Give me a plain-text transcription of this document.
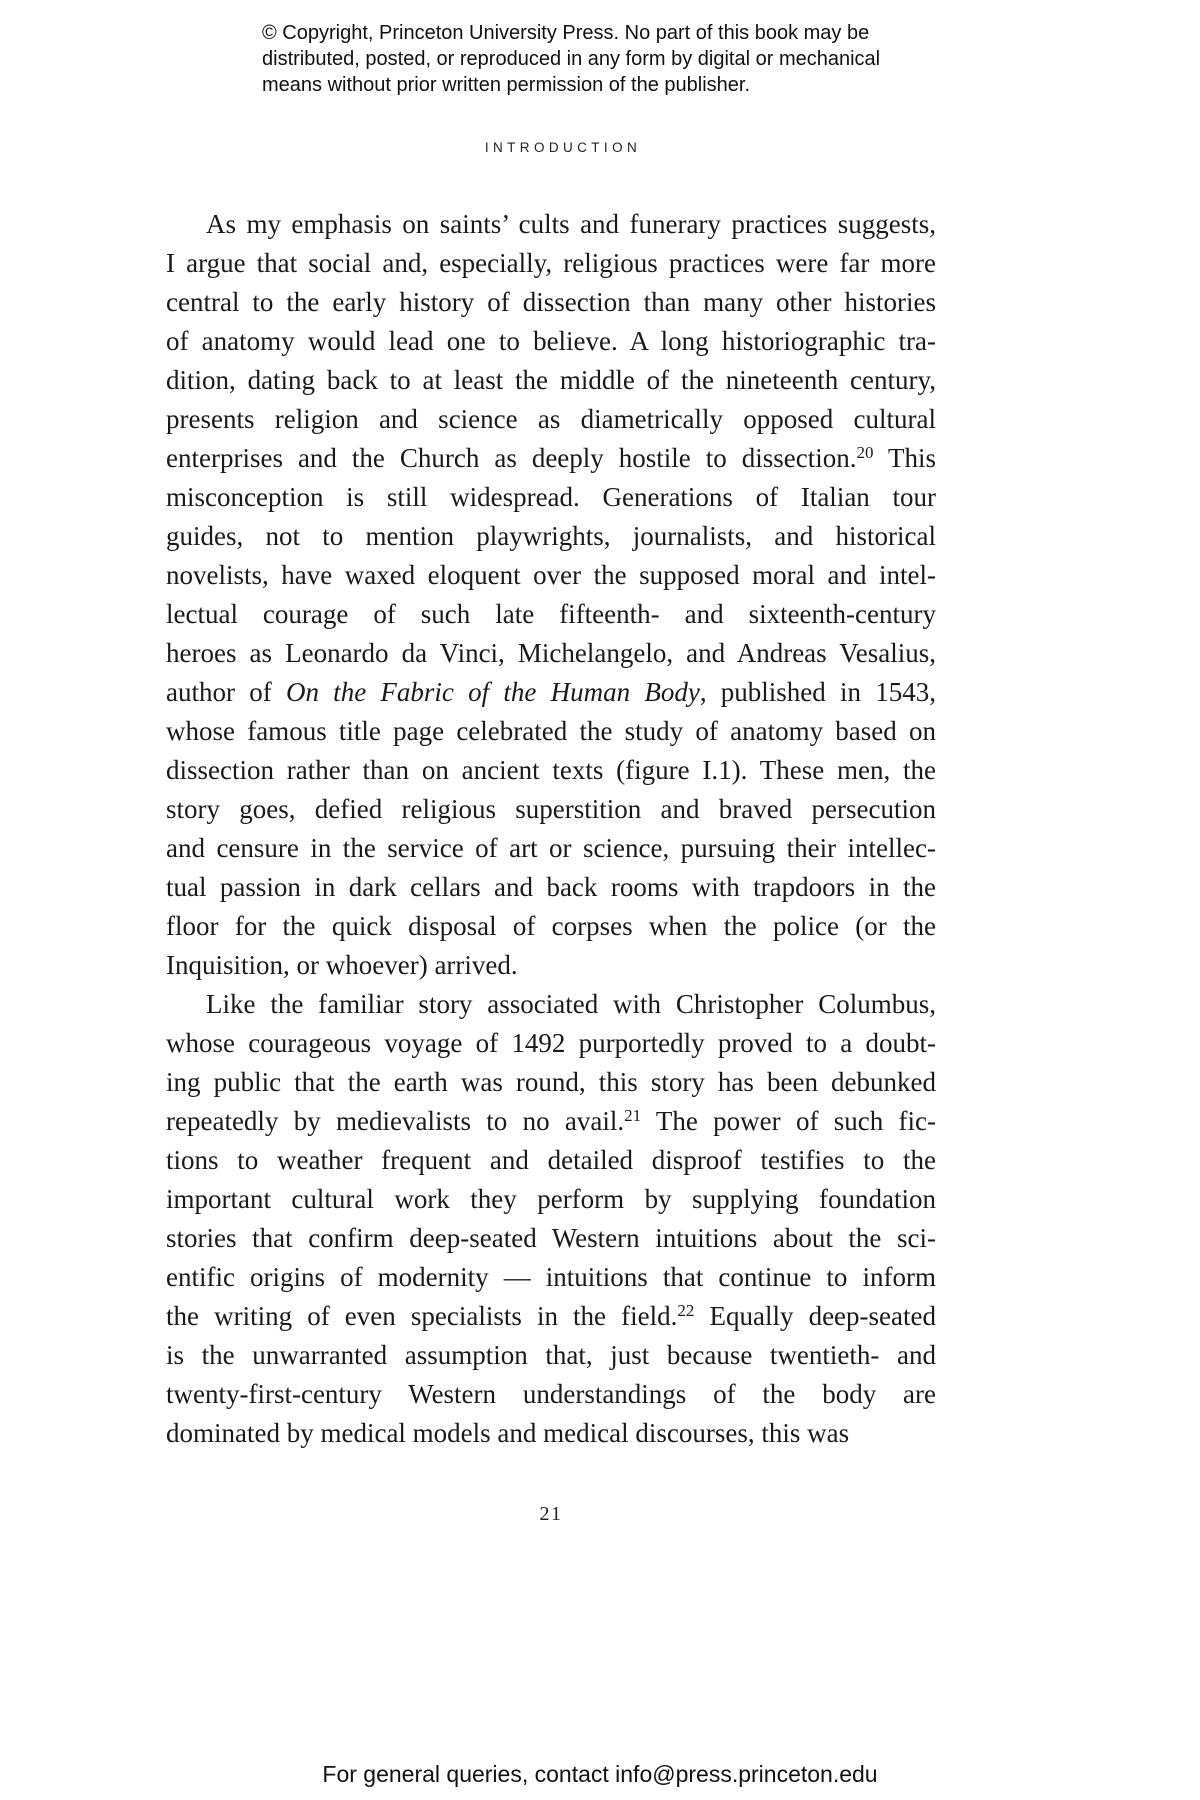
© Copyright, Princeton University Press. No part of this book may be
distributed, posted, or reproduced in any form by digital or mechanical
means without prior written permission of the publisher.
INTRODUCTION
As my emphasis on saints’ cults and funerary practices suggests,
I argue that social and, especially, religious practices were far more
central to the early history of dissection than many other histories
of anatomy would lead one to believe. A long historiographic tra-
dition, dating back to at least the middle of the nineteenth century,
presents religion and science as diametrically opposed cultural
enterprises and the Church as deeply hostile to dissection.$^{20}$ This
misconception is still widespread. Generations of Italian tour
guides, not to mention playwrights, journalists, and historical
novelists, have waxed eloquent over the supposed moral and intel-
lectual courage of such late fifteenth- and sixteenth-century
heroes as Leonardo da Vinci, Michelangelo, and Andreas Vesalius,
author of On the Fabric of the Human Body, published in 1543,
whose famous title page celebrated the study of anatomy based on
dissection rather than on ancient texts (figure I.1). These men, the
story goes, defied religious superstition and braved persecution
and censure in the service of art or science, pursuing their intellec-
tual passion in dark cellars and back rooms with trapdoors in the
floor for the quick disposal of corpses when the police (or the
Inquisition, or whoever) arrived.
Like the familiar story associated with Christopher Columbus,
whose courageous voyage of 1492 purportedly proved to a doubt-
ing public that the earth was round, this story has been debunked
repeatedly by medievalists to no avail.$^{21}$ The power of such fic-
tions to weather frequent and detailed disproof testifies to the
important cultural work they perform by supplying foundation
stories that confirm deep-seated Western intuitions about the sci-
entific origins of modernity — intuitions that continue to inform
the writing of even specialists in the field.$^{22}$ Equally deep-seated
is the unwarranted assumption that, just because twentieth- and
twenty-first-century Western understandings of the body are
dominated by medical models and medical discourses, this was
21
For general queries, contact info@press.princeton.edu
